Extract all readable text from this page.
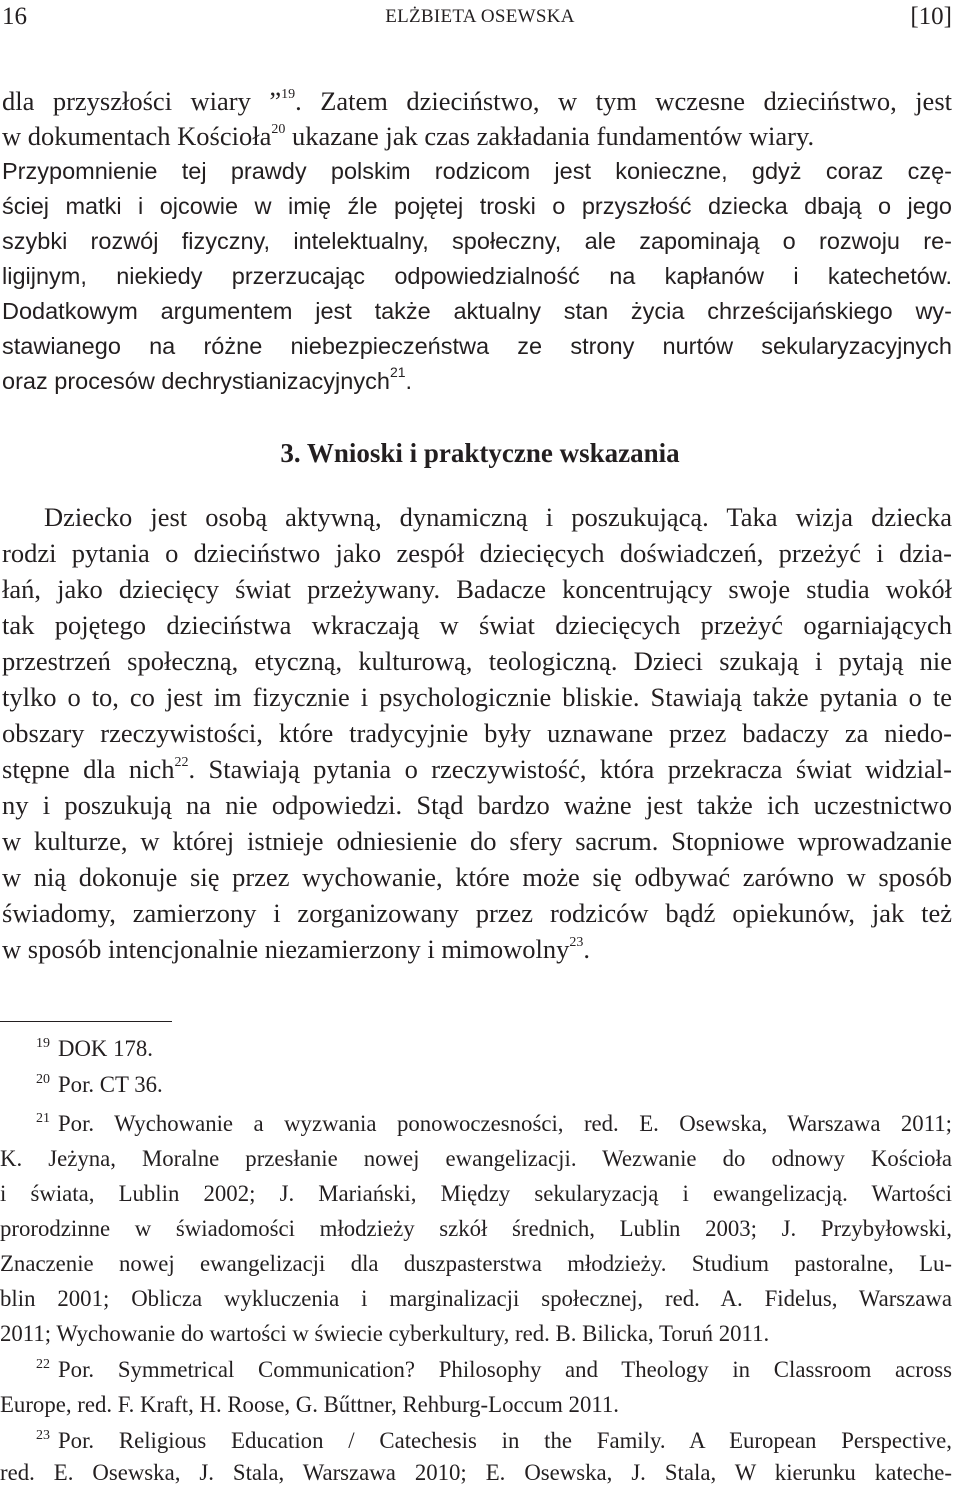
16	ELŻBIETA OSEWSKA	[10]
dla przyszłości wiary ”$^{19}$. Zatem dzieciństwo, w tym wczesne dzieciństwo, jest
w dokumentach Kościoła$^{20}$ ukazane jak czas zakładania fundamentów wiary.
Przypomnienie tej prawdy polskim rodzicom jest konieczne, gdyż coraz czę-
ściej matki i ojcowie w imię źle pojętej troski o przyszłość dziecka dbają o jego
szybki rozwój fizyczny, intelektualny, społeczny, ale zapominają o rozwoju re-
ligijnym, niekiedy przerzucając odpowiedzialność na kapłanów i katechetów.
Dodatkowym argumentem jest także aktualny stan życia chrześcijańskiego wy-
stawianego na różne niebezpieczeństwa ze strony nurtów sekularyzacyjnych
oraz procesów dechrystianizacyjnych$^{21}$.
3. Wnioski i praktyczne wskazania
Dziecko jest osobą aktywną, dynamiczną i poszukującą. Taka wizja dziecka
rodzi pytania o dzieciństwo jako zespół dziecięcych doświadczeń, przeżyć i dzia-
łań, jako dziecięcy świat przeżywany. Badacze koncentrujący swoje studia wokół
tak pojętego dzieciństwa wkraczają w świat dziecięcych przeżyć ogarniających
przestrzeń społeczną, etyczną, kulturową, teologiczną. Dzieci szukają i pytają nie
tylko o to, co jest im fizycznie i psychologicznie bliskie. Stawiają także pytania o te
obszary rzeczywistości, które tradycyjnie były uznawane przez badaczy za niedo-
stępne dla nich$^{22}$. Stawiają pytania o rzeczywistość, która przekracza świat widzial-
ny i poszukują na nie odpowiedzi. Stąd bardzo ważne jest także ich uczestnictwo
w kulturze, w której istnieje odniesienie do sfery sacrum. Stopniowe wprowadzanie
w nią dokonuje się przez wychowanie, które może się odbywać zarówno w sposób
świadomy, zamierzony i zorganizowany przez rodziców bądź opiekunów, jak też
w sposób intencjonalnie niezamierzony i mimowolny$^{23}$.
$^{19}$ DOK 178.
$^{20}$ Por. CT 36.
$^{21}$ Por. Wychowanie a wyzwania ponowoczesności, red. E. Osewska, Warszawa 2011;
K. Jeżyna, Moralne przesłanie nowej ewangelizacji. Wezwanie do odnowy Kościoła
i świata, Lublin 2002; J. Mariański, Między sekularyzacją i ewangelizacją. Wartości
prorodzinne w świadomości młodzieży szkół średnich, Lublin 2003; J. Przybyłowski,
Znaczenie nowej ewangelizacji dla duszpasterstwa młodzieży. Studium pastoralne, Lu-
blin 2001; Oblicza wykluczenia i marginalizacji społecznej, red. A. Fidelus, Warszawa
2011; Wychowanie do wartości w świecie cyberkultury, red. B. Bilicka, Toruń 2011.
$^{22}$ Por. Symmetrical Communication? Philosophy and Theology in Classroom across
Europe, red. F. Kraft, H. Roose, G. Bűttner, Rehburg-Loccum 2011.
$^{23}$ Por. Religious Education / Catechesis in the Family. A European Perspective,
red. E. Osewska, J. Stala, Warszawa 2010; E. Osewska, J. Stala, W kierunku kateche-
